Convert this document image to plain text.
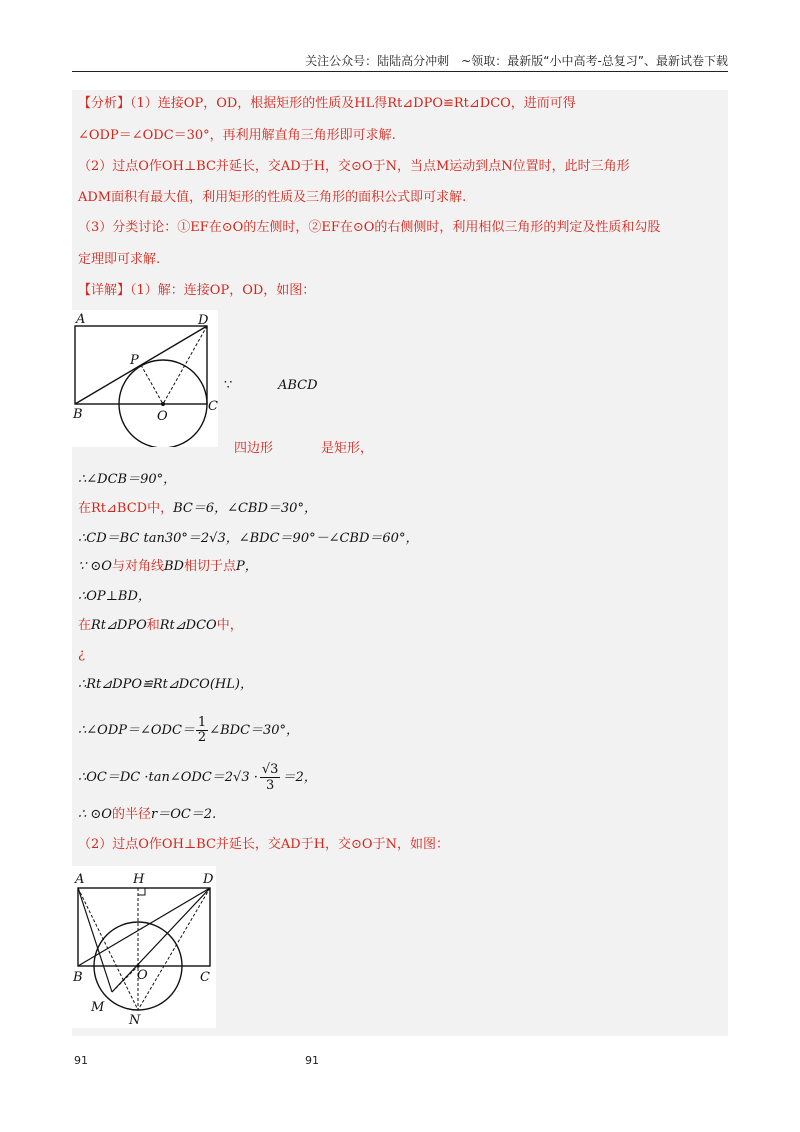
关注公众号：陆陆高分冲刺　~领取：最新版“小中高考-总复习”、最新试卷下载
【分析】（1）连接OP，OD，根据矩形的性质及HL得Rt⊿DPO≌Rt⊿DCO，进而可得
∠ODP＝∠ODC＝30°，再利用解直角三角形即可求解.
（2）过点O作OH⊥BC并延长，交AD于H，交⊙O于N，当点M运动到点N位置时，此时三角形
ADM面积有最大值，利用矩形的性质及三角形的面积公式即可求解.
（3）分类讨论：①EF在⊙O的左侧时，②EF在⊙O的右侧侧时，利用相似三角形的判定及性质和勾股
定理即可求解.
【详解】（1）解：连接OP，OD，如图：
A	D
P
B	O
C
∵	ABCD
四边形	是矩形，
∴∠DCB＝90°，
在Rt⊿BCD中，BC＝6，∠CBD＝30°，
∴CD＝BC tan30°＝2√3，∠BDC＝90°－∠CBD＝60°，
∵ ⊙O与对角线BD相切于点P，
∴OP⊥BD，
在Rt⊿DPO和Rt⊿DCO中，
¿
∴Rt⊿DPO≌Rt⊿DCO(HL)，
∴∠ODP＝∠ODC＝ $\frac{1}{2}$ ∠BDC＝30°，
∴OC＝DC ·tan∠ODC＝2√3 · $\frac{√3}{3} =2$，
∴ ⊙O的半径r＝OC＝2.
（2）过点O作OH⊥BC并延长，交AD于H，交⊙O于N，如图：
A	H	D
B	O	C
M
N
91	91
